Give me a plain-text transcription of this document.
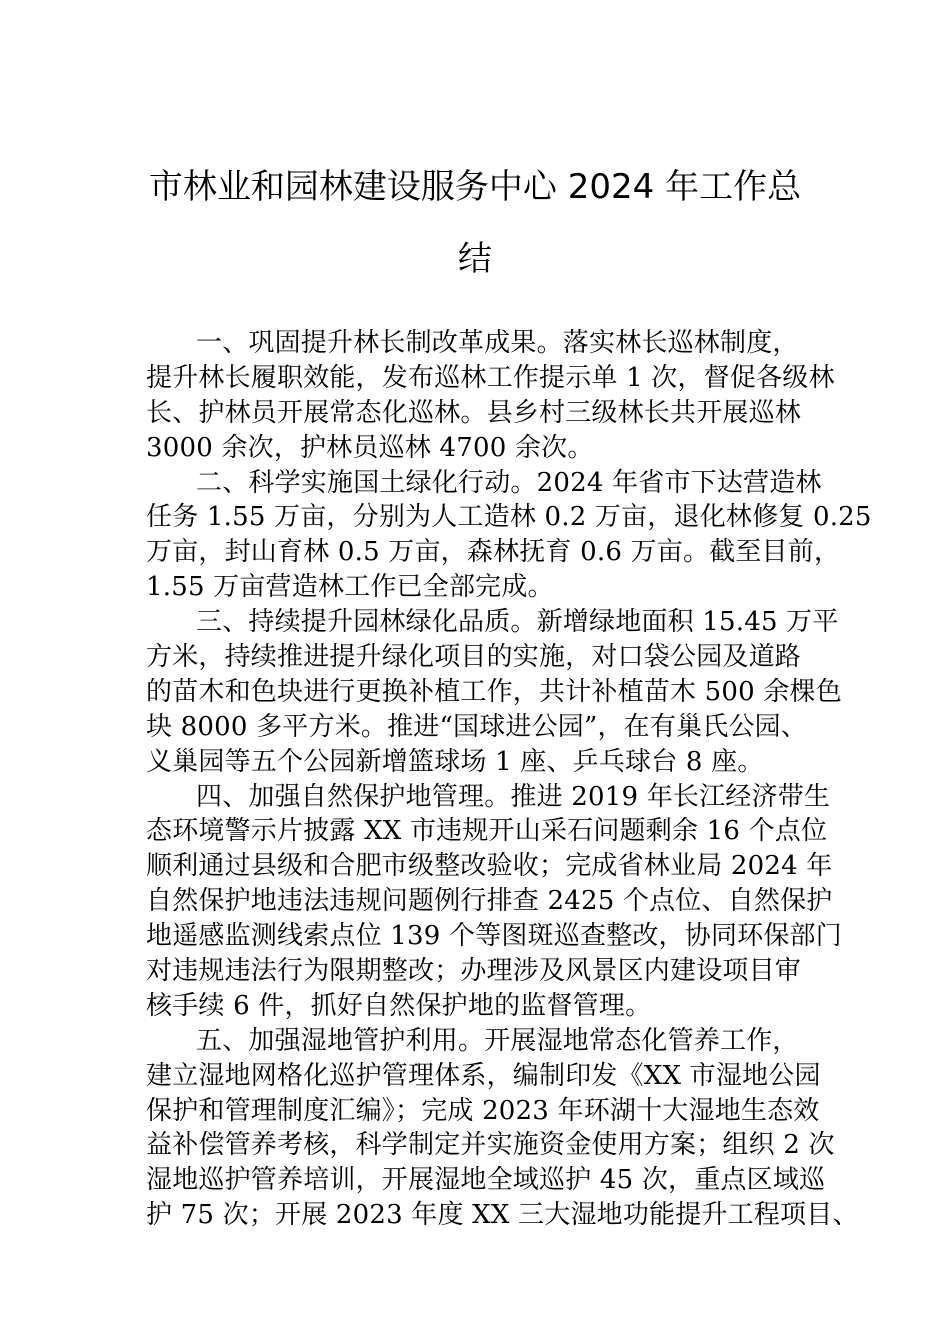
市林业和园林建设服务中心 2024 年工作总
结
一、巩固提升林长制改革成果。落实林长巡林制度，
提升林长履职效能，发布巡林工作提示单 1 次，督促各级林
长、护林员开展常态化巡林。县乡村三级林长共开展巡林
3000 余次，护林员巡林 4700 余次。
二、科学实施国土绿化行动。2024 年省市下达营造林
任务 1.55 万亩，分别为人工造林 0.2 万亩，退化林修复 0.25
万亩，封山育林 0.5 万亩，森林抚育 0.6 万亩。截至目前，
1.55 万亩营造林工作已全部完成。
三、持续提升园林绿化品质。新增绿地面积 15.45 万平
方米，持续推进提升绿化项目的实施，对口袋公园及道路
的苗木和色块进行更换补植工作，共计补植苗木 500 余棵色
块 8000 多平方米。推进“国球进公园”，在有巢氏公园、
义巢园等五个公园新增篮球场 1 座、乒乓球台 8 座。
四、加强自然保护地管理。推进 2019 年长江经济带生
态环境警示片披露 XX 市违规开山采石问题剩余 16 个点位
顺利通过县级和合肥市级整改验收；完成省林业局 2024 年
自然保护地违法违规问题例行排查 2425 个点位、自然保护
地遥感监测线索点位 139 个等图斑巡查整改，协同环保部门
对违规违法行为限期整改；办理涉及风景区内建设项目审
核手续 6 件，抓好自然保护地的监督管理。
五、加强湿地管护利用。开展湿地常态化管养工作，
建立湿地网格化巡护管理体系，编制印发《XX 市湿地公园
保护和管理制度汇编》；完成 2023 年环湖十大湿地生态效
益补偿管养考核，科学制定并实施资金使用方案；组织 2 次
湿地巡护管养培训，开展湿地全域巡护 45 次，重点区域巡
护 75 次；开展 2023 年度 XX 三大湿地功能提升工程项目、
